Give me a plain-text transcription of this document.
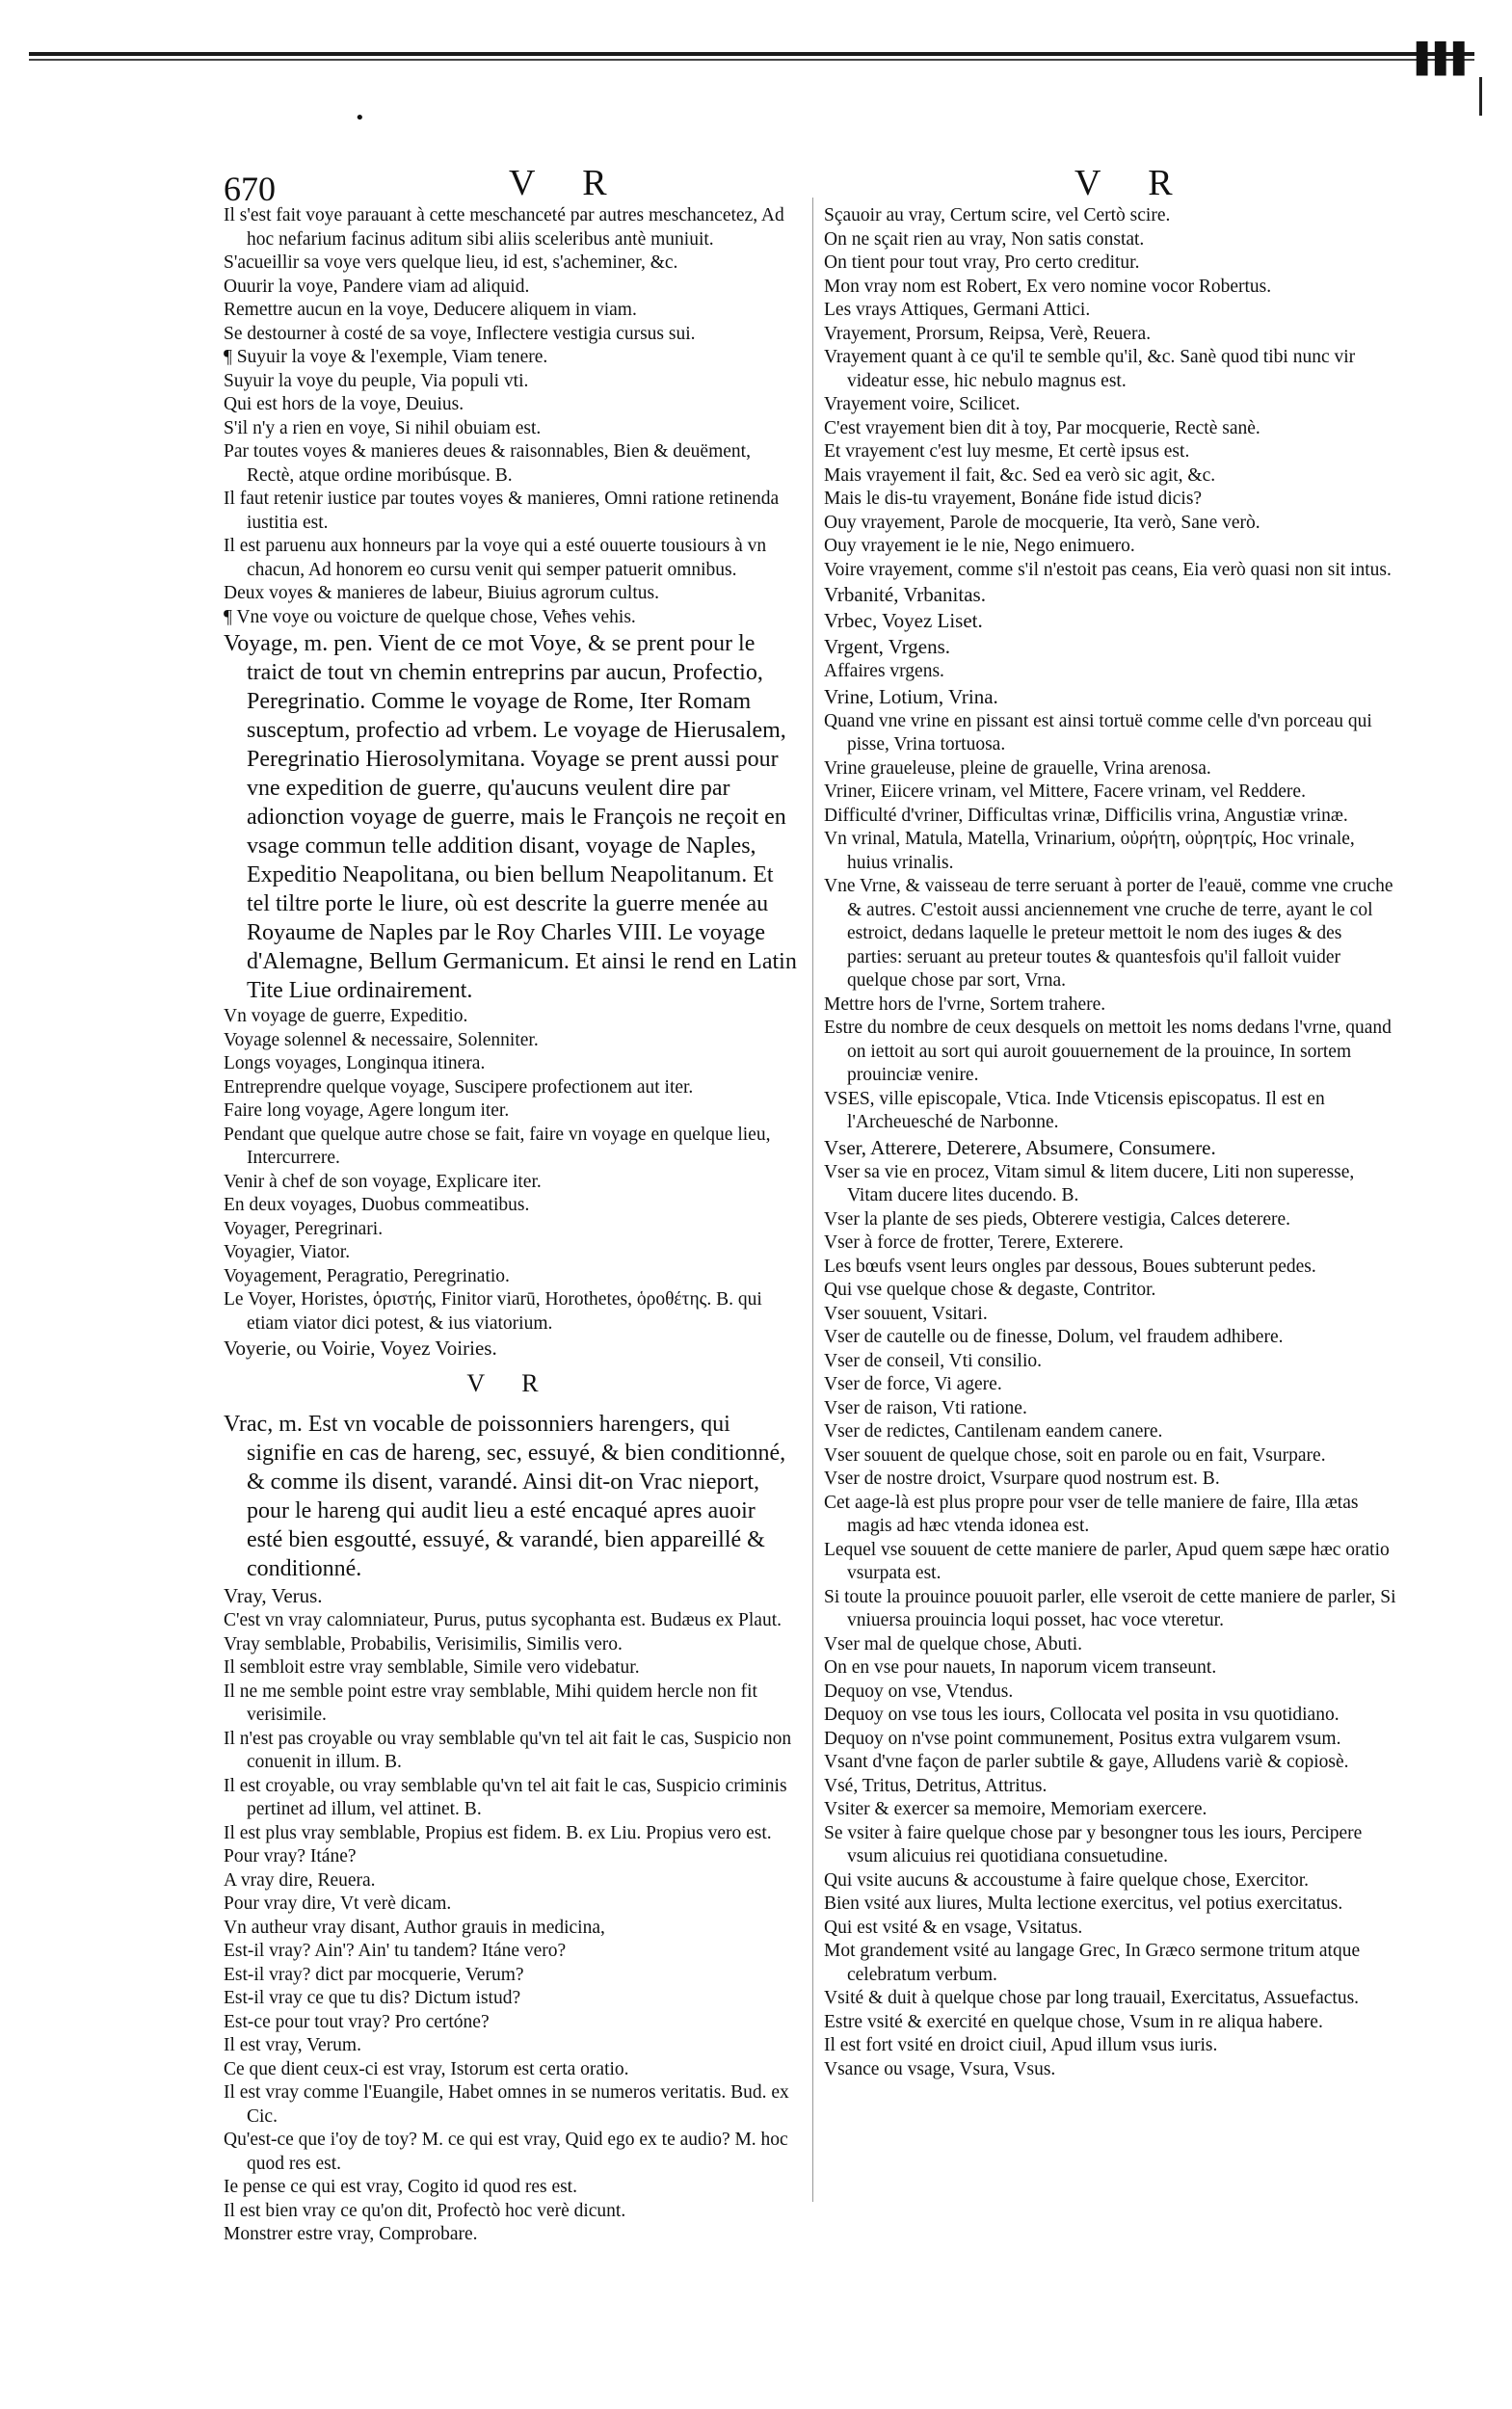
▌▌▌
•
670	V R	V R

Il s'est fait voye parauant à cette meschanceté par autres meschancetez, Ad hoc nefarium facinus aditum sibi aliis sceleribus antè muniuit.

S'acueillir sa voye vers quelque lieu, id est, s'acheminer, &c.

Ouurir la voye, Pandere viam ad aliquid.

Remettre aucun en la voye, Deducere aliquem in viam.

Se destourner à costé de sa voye, Inflectere vestigia cursus sui.

¶ Suyuir la voye & l'exemple, Viam tenere.

Suyuir la voye du peuple, Via populi vti.

Qui est hors de la voye, Deuius.

S'il n'y a rien en voye, Si nihil obuiam est.

Par toutes voyes & manieres deues & raisonnables, Bien & deuëment, Rectè, atque ordine moribúsque. B.

Il faut retenir iustice par toutes voyes & manieres, Omni ratione retinenda iustitia est.

Il est paruenu aux honneurs par la voye qui a esté ouuerte tousiours à vn chacun, Ad honorem eo cursu venit qui semper patuerit omnibus.

Deux voyes & manieres de labeur, Biuius agrorum cultus.

¶ Vne voye ou voicture de quelque chose, Veħes vehis.

Voyage, m. pen. Vient de ce mot Voye, & se prent pour le traict de tout vn chemin entreprins par aucun, Profectio, Peregrinatio. Comme le voyage de Rome, Iter Romam susceptum, profectio ad vrbem. Le voyage de Hierusalem, Peregrinatio Hierosolymitana. Voyage se prent aussi pour vne expedition de guerre, qu'aucuns veulent dire par adionction voyage de guerre, mais le François ne reçoit en vsage commun telle addition disant, voyage de Naples, Expeditio Neapolitana, ou bien bellum Neapolitanum. Et tel tiltre porte le liure, où est descrite la guerre menée au Royaume de Naples par le Roy Charles VIII. Le voyage d'Alemagne, Bellum Germanicum. Et ainsi le rend en Latin Tite Liue ordinairement.

Vn voyage de guerre, Expeditio.

Voyage solennel & necessaire, Solenniter.

Longs voyages, Longinqua itinera.

Entreprendre quelque voyage, Suscipere profectionem aut iter.

Faire long voyage, Agere longum iter.

Pendant que quelque autre chose se fait, faire vn voyage en quelque lieu, Intercurrere.

Venir à chef de son voyage, Explicare iter.

En deux voyages, Duobus commeatibus.

Voyager, Peregrinari.

Voyagier, Viator.

Voyagement, Peragratio, Peregrinatio.

Le Voyer, Horistes, ὁριστής, Finitor viarū, Horothetes, ὁροθέτης. B. qui etiam viator dici potest, & ius viatorium.

Voyerie, ou Voirie, Voyez Voiries.

V R

Vrac, m. Est vn vocable de poissonniers harengers, qui signifie en cas de hareng, sec, essuyé, & bien conditionné, & comme ils disent, varandé. Ainsi dit-on Vrac nieport, pour le hareng qui audit lieu a esté encaqué apres auoir esté bien esgoutté, essuyé, & varandé, bien appareillé & conditionné.

Vray, Verus.

C'est vn vray calomniateur, Purus, putus sycophanta est. Budæus ex Plaut.

Vray semblable, Probabilis, Verisimilis, Similis vero.

Il sembloit estre vray semblable, Simile vero videbatur.

Il ne me semble point estre vray semblable, Mihi quidem hercle non fit verisimile.

Il n'est pas croyable ou vray semblable qu'vn tel ait fait le cas, Suspicio non conuenit in illum. B.

Il est croyable, ou vray semblable qu'vn tel ait fait le cas, Suspicio criminis pertinet ad illum, vel attinet. B.

Il est plus vray semblable, Propius est fidem. B. ex Liu. Propius vero est.

Pour vray? Itáne?

A vray dire, Reuera.

Pour vray dire, Vt verè dicam.

Vn autheur vray disant, Author grauis in medicina,

Est-il vray? Ain'? Ain' tu tandem? Itáne vero?

Est-il vray? dict par mocquerie, Verum?

Est-il vray ce que tu dis? Dictum istud?

Est-ce pour tout vray? Pro certóne?

Il est vray, Verum.

Ce que dient ceux-ci est vray, Istorum est certa oratio.

Il est vray comme l'Euangile, Habet omnes in se numeros veritatis. Bud. ex Cic.

Qu'est-ce que i'oy de toy? M. ce qui est vray, Quid ego ex te audio? M. hoc quod res est.

Ie pense ce qui est vray, Cogito id quod res est.

Il est bien vray ce qu'on dit, Profectò hoc verè dicunt.

Monstrer estre vray, Comprobare.

Sçauoir au vray, Certum scire, vel Certò scire.

On ne sçait rien au vray, Non satis constat.

On tient pour tout vray, Pro certo creditur.

Mon vray nom est Robert, Ex vero nomine vocor Robertus.

Les vrays Attiques, Germani Attici.

Vrayement, Prorsum, Reipsa, Verè, Reuera.

Vrayement quant à ce qu'il te semble qu'il, &c. Sanè quod tibi nunc vir videatur esse, hic nebulo magnus est.

Vrayement voire, Scilicet.

C'est vrayement bien dit à toy, Par mocquerie, Rectè sanè.

Et vrayement c'est luy mesme, Et certè ipsus est.

Mais vrayement il fait, &c. Sed ea verò sic agit, &c.

Mais le dis-tu vrayement, Bonáne fide istud dicis?

Ouy vrayement, Parole de mocquerie, Ita verò, Sane verò.

Ouy vrayement ie le nie, Nego enimuero.

Voire vrayement, comme s'il n'estoit pas ceans, Eia verò quasi non sit intus.

Vrbanité, Vrbanitas.

Vrbec, Voyez Liset.

Vrgent, Vrgens.

Affaires vrgens.

Vrine, Lotium, Vrina.

Quand vne vrine en pissant est ainsi tortuë comme celle d'vn porceau qui pisse, Vrina tortuosa.

Vrine graueleuse, pleine de grauelle, Vrina arenosa.

Vriner, Eiicere vrinam, vel Mittere, Facere vrinam, vel Reddere.

Difficulté d'vriner, Difficultas vrinæ, Difficilis vrina, Angustiæ vrinæ.

Vn vrinal, Matula, Matella, Vrinarium, οὐρήτη, οὐρητρίς, Hoc vrinale, huius vrinalis.

Vne Vrne, & vaisseau de terre seruant à porter de l'eauë, comme vne cruche & autres. C'estoit aussi anciennement vne cruche de terre, ayant le col estroict, dedans laquelle le preteur mettoit le nom des iuges & des parties: seruant au preteur toutes & quantesfois qu'il falloit vuider quelque chose par sort, Vrna.

Mettre hors de l'vrne, Sortem trahere.

Estre du nombre de ceux desquels on mettoit les noms dedans l'vrne, quand on iettoit au sort qui auroit gouuernement de la prouince, In sortem prouinciæ venire.

VSES, ville episcopale, Vtica. Inde Vticensis episcopatus. Il est en l'Archeuesché de Narbonne.

Vser, Atterere, Deterere, Absumere, Consumere.

Vser sa vie en procez, Vitam simul & litem ducere, Liti non superesse, Vitam ducere lites ducendo. B.

Vser la plante de ses pieds, Obterere vestigia, Calces deterere.

Vser à force de frotter, Terere, Exterere.

Les bœufs vsent leurs ongles par dessous, Boues subterunt pedes.

Qui vse quelque chose & degaste, Contritor.

Vser souuent, Vsitari.

Vser de cautelle ou de finesse, Dolum, vel fraudem adhibere.

Vser de conseil, Vti consilio.

Vser de force, Vi agere.

Vser de raison, Vti ratione.

Vser de redictes, Cantilenam eandem canere.

Vser souuent de quelque chose, soit en parole ou en fait, Vsurpare.

Vser de nostre droict, Vsurpare quod nostrum est. B.

Cet aage-là est plus propre pour vser de telle maniere de faire, Illa ætas magis ad hæc vtenda idonea est.

Lequel vse souuent de cette maniere de parler, Apud quem sæpe hæc oratio vsurpata est.

Si toute la prouince pouuoit parler, elle vseroit de cette maniere de parler, Si vniuersa prouincia loqui posset, hac voce vteretur.

Vser mal de quelque chose, Abuti.

On en vse pour nauets, In naporum vicem transeunt.

Dequoy on vse, Vtendus.

Dequoy on vse tous les iours, Collocata vel posita in vsu quotidiano.

Dequoy on n'vse point communement, Positus extra vulgarem vsum.

Vsant d'vne façon de parler subtile & gaye, Alludens variè & copiosè.

Vsé, Tritus, Detritus, Attritus.

Vsiter & exercer sa memoire, Memoriam exercere.

Se vsiter à faire quelque chose par y besongner tous les iours, Percipere vsum alicuius rei quotidiana consuetudine.

Qui vsite aucuns & accoustume à faire quelque chose, Exercitor.

Bien vsité aux liures, Multa lectione exercitus, vel potius exercitatus.

Qui est vsité & en vsage, Vsitatus.

Mot grandement vsité au langage Grec, In Græco sermone tritum atque celebratum verbum.

Vsité & duit à quelque chose par long trauail, Exercitatus, Assuefactus.

Estre vsité & exercité en quelque chose, Vsum in re aliqua habere.

Il est fort vsité en droict ciuil, Apud illum vsus iuris.

Vsance ou vsage, Vsura, Vsus.
